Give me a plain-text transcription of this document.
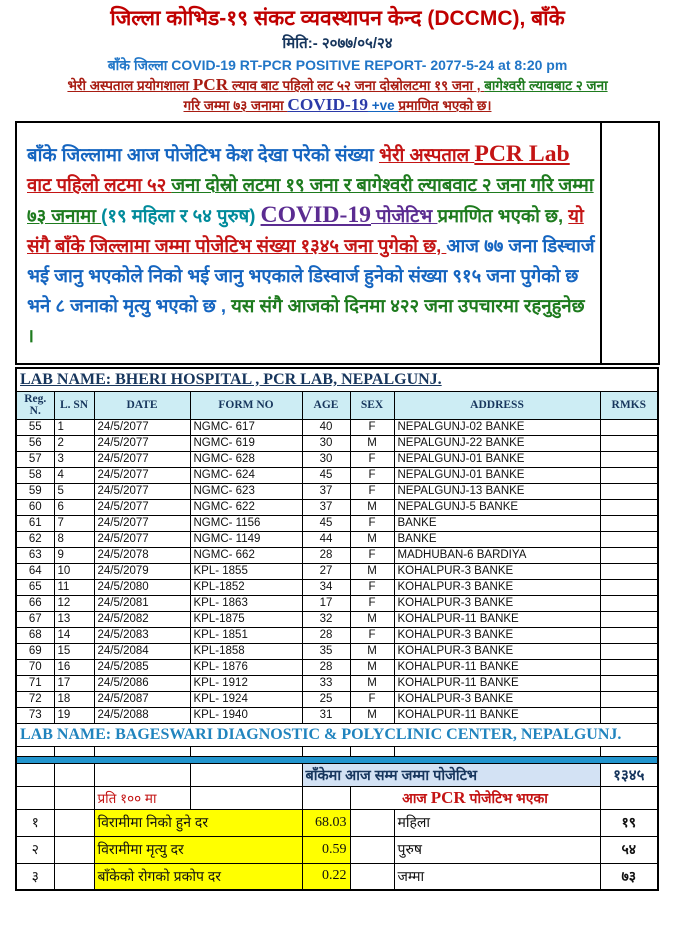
जिल्ला कोभिड-१९ संकट व्यवस्थापन केन्द (DCCMC), बाँके
मिति:- २०७७/०५/२४
बाँके जिल्ला COVID-19 RT-PCR POSITIVE REPORT- 2077-5-24 at 8:20 pm
भेरी अस्पताल प्रयोगशाला PCR ल्याव बाट पहिलो लट ५२ जना दोस्रोलटमा १९ जना , बागेश्वरी ल्यावबाट २ जना
गरि जम्मा ७३ जनामा COVID-19 +ve प्रमाणित भएको छ।
बाँके जिल्लामा आज पोजेटिभ केश देखा परेको संख्या भेरी अस्पताल PCR Lab वाट पहिलो लटमा ५२ जना दोस्रो लटमा १९ जना र बागेश्वरी ल्याबवाट २ जना गरि जम्मा ७३ जनामा (१९ महिला र ५४ पुरुष) COVID-19 पोजेटिभ प्रमाणित भएको छ, यो संगै बाँके जिल्लामा जम्मा पोजेटिभ संख्या १३४५ जना पुगेको छ, आज ७७ जना डिस्चार्ज भई जानु भएकोले निको भई जानु भएकाले डिस्वार्ज हुनेको संख्या ९१५ जना पुगेको छ भने ८ जनाको मृत्यु भएको छ , यस संगै आजको दिनमा ४२२ जना उपचारमा रहनुहुनेछ ।
LAB NAME: BHERI HOSPITAL , PCR LAB, NEPALGUNJ.							
Reg. N.	L. SN	DATE	FORM NO	AGE	SEX	ADDRESS	RMKS
55	1	24/5/2077	NGMC- 617	40	F	NEPALGUNJ-02 BANKE	
56	2	24/5/2077	NGMC- 619	30	M	NEPALGUNJ-22 BANKE	
57	3	24/5/2077	NGMC- 628	30	F	NEPALGUNJ-01 BANKE	
58	4	24/5/2077	NGMC- 624	45	F	NEPALGUNJ-01 BANKE	
59	5	24/5/2077	NGMC- 623	37	F	NEPALGUNJ-13 BANKE	
60	6	24/5/2077	NGMC- 622	37	M	NEPALGUNJ-5 BANKE	
61	7	24/5/2077	NGMC- 1156	45	F	BANKE	
62	8	24/5/2077	NGMC- 1149	44	M	BANKE	
63	9	24/5/2078	NGMC- 662	28	F	MADHUBAN-6 BARDIYA	
64	10	24/5/2079	KPL- 1855	27	M	KOHALPUR-3 BANKE	
65	11	24/5/2080	KPL-1852	34	F	KOHALPUR-3 BANKE	
66	12	24/5/2081	KPL- 1863	17	F	KOHALPUR-3 BANKE	
67	13	24/5/2082	KPL-1875	32	M	KOHALPUR-11 BANKE	
68	14	24/5/2083	KPL- 1851	28	F	KOHALPUR-3 BANKE	
69	15	24/5/2084	KPL-1858	35	M	KOHALPUR-3 BANKE	
70	16	24/5/2085	KPL- 1876	28	M	KOHALPUR-11 BANKE	
71	17	24/5/2086	KPL- 1912	33	M	KOHALPUR-11 BANKE	
72	18	24/5/2087	KPL- 1924	25	F	KOHALPUR-3 BANKE	
73	19	24/5/2088	KPL- 1940	31	M	KOHALPUR-11 BANKE	
LAB NAME: BAGESWARI DIAGNOSTIC & POLYCLINIC CENTER, NEPALGUNJ.							

				बाँकेमा आज सम्म जम्मा पोजेटिभ			१३४५
		प्रति १०० मा			आज PCR पोजेटिभ भएका		
१		विरामीमा निको हुने दर		68.03		महिला	१९
२		विरामीमा मृत्यु दर		0.59		पुरुष	५४
३		बाँकेको रोगको प्रकोप दर		0.22		जम्मा	७३
